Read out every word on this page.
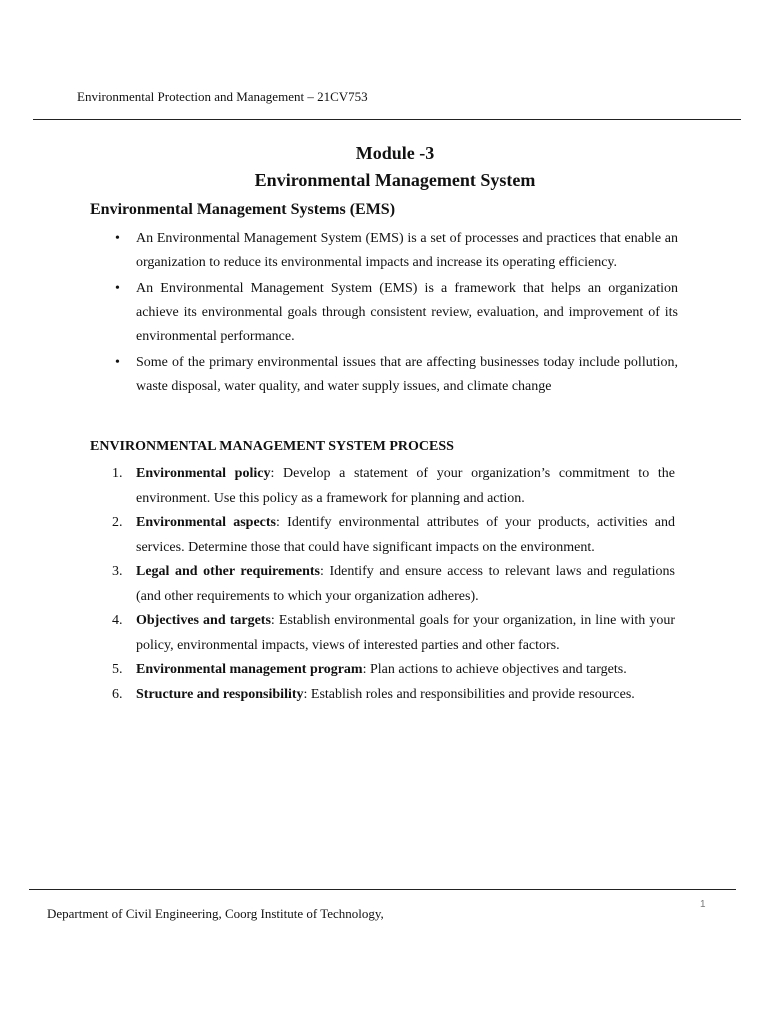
Environmental Protection and Management – 21CV753
Module -3
Environmental Management System
Environmental Management Systems (EMS)
• An Environmental Management System (EMS) is a set of processes and practices that enable an organization to reduce its environmental impacts and increase its operating efficiency.
• An Environmental Management System (EMS) is a framework that helps an organization achieve its environmental goals through consistent review, evaluation, and improvement of its environmental performance.
• Some of the primary environmental issues that are affecting businesses today include pollution, waste disposal, water quality, and water supply issues, and climate change
ENVIRONMENTAL MANAGEMENT SYSTEM PROCESS
1. Environmental policy: Develop a statement of your organization’s commitment to the environment. Use this policy as a framework for planning and action.
2. Environmental aspects: Identify environmental attributes of your products, activities and services. Determine those that could have significant impacts on the environment.
3. Legal and other requirements: Identify and ensure access to relevant laws and regulations (and other requirements to which your organization adheres).
4. Objectives and targets: Establish environmental goals for your organization, in line with your policy, environmental impacts, views of interested parties and other factors.
5. Environmental management program: Plan actions to achieve objectives and targets.
6. Structure and responsibility: Establish roles and responsibilities and provide resources.
1
Department of Civil Engineering, Coorg Institute of Technology,
